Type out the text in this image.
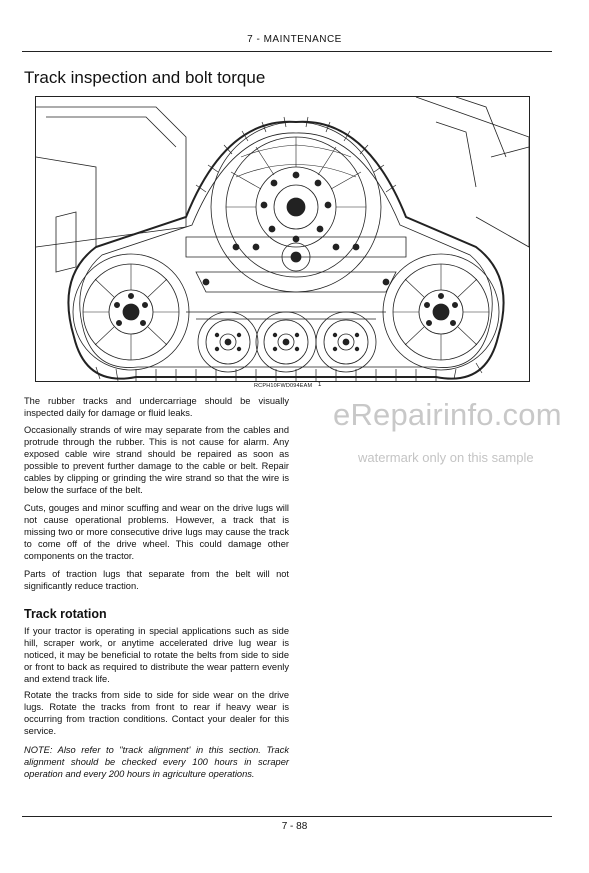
7 - MAINTENANCE
Track inspection and bolt torque
RCPH10FWD094EAM 1
eRepairinfo.com
watermark only on this sample

The rubber tracks and undercarriage should be visually inspected daily for damage or fluid leaks.

Occasionally strands of wire may separate from the cables and protrude through the rubber. This is not cause for alarm. Any exposed cable wire strand should be repaired as soon as possible to prevent further damage to the cable or belt. Repair cables by clipping or grinding the wire strand so that the wire is below the surface of the belt.

Cuts, gouges and minor scuffing and wear on the drive lugs will not cause operational problems. However, a track that is missing two or more consecutive drive lugs may cause the track to come off of the drive wheel. This could damage other components on the tractor.

Parts of traction lugs that separate from the belt will not significantly reduce traction.

Track rotation

If your tractor is operating in special applications such as side hill, scraper work, or anytime accelerated drive lug wear is noticed, it may be beneficial to rotate the belts from side to side or front to back as required to distribute the wear pattern evenly and extend track life.

Rotate the tracks from side to side for side wear on the drive lugs. Rotate the tracks from front to rear if heavy wear is occurring from traction conditions. Contact your dealer for this service.

NOTE: Also refer to "track alignment' in this section. Track alignment should be checked every 100 hours in scraper operation and every 200 hours in agriculture operations.

7 - 88
